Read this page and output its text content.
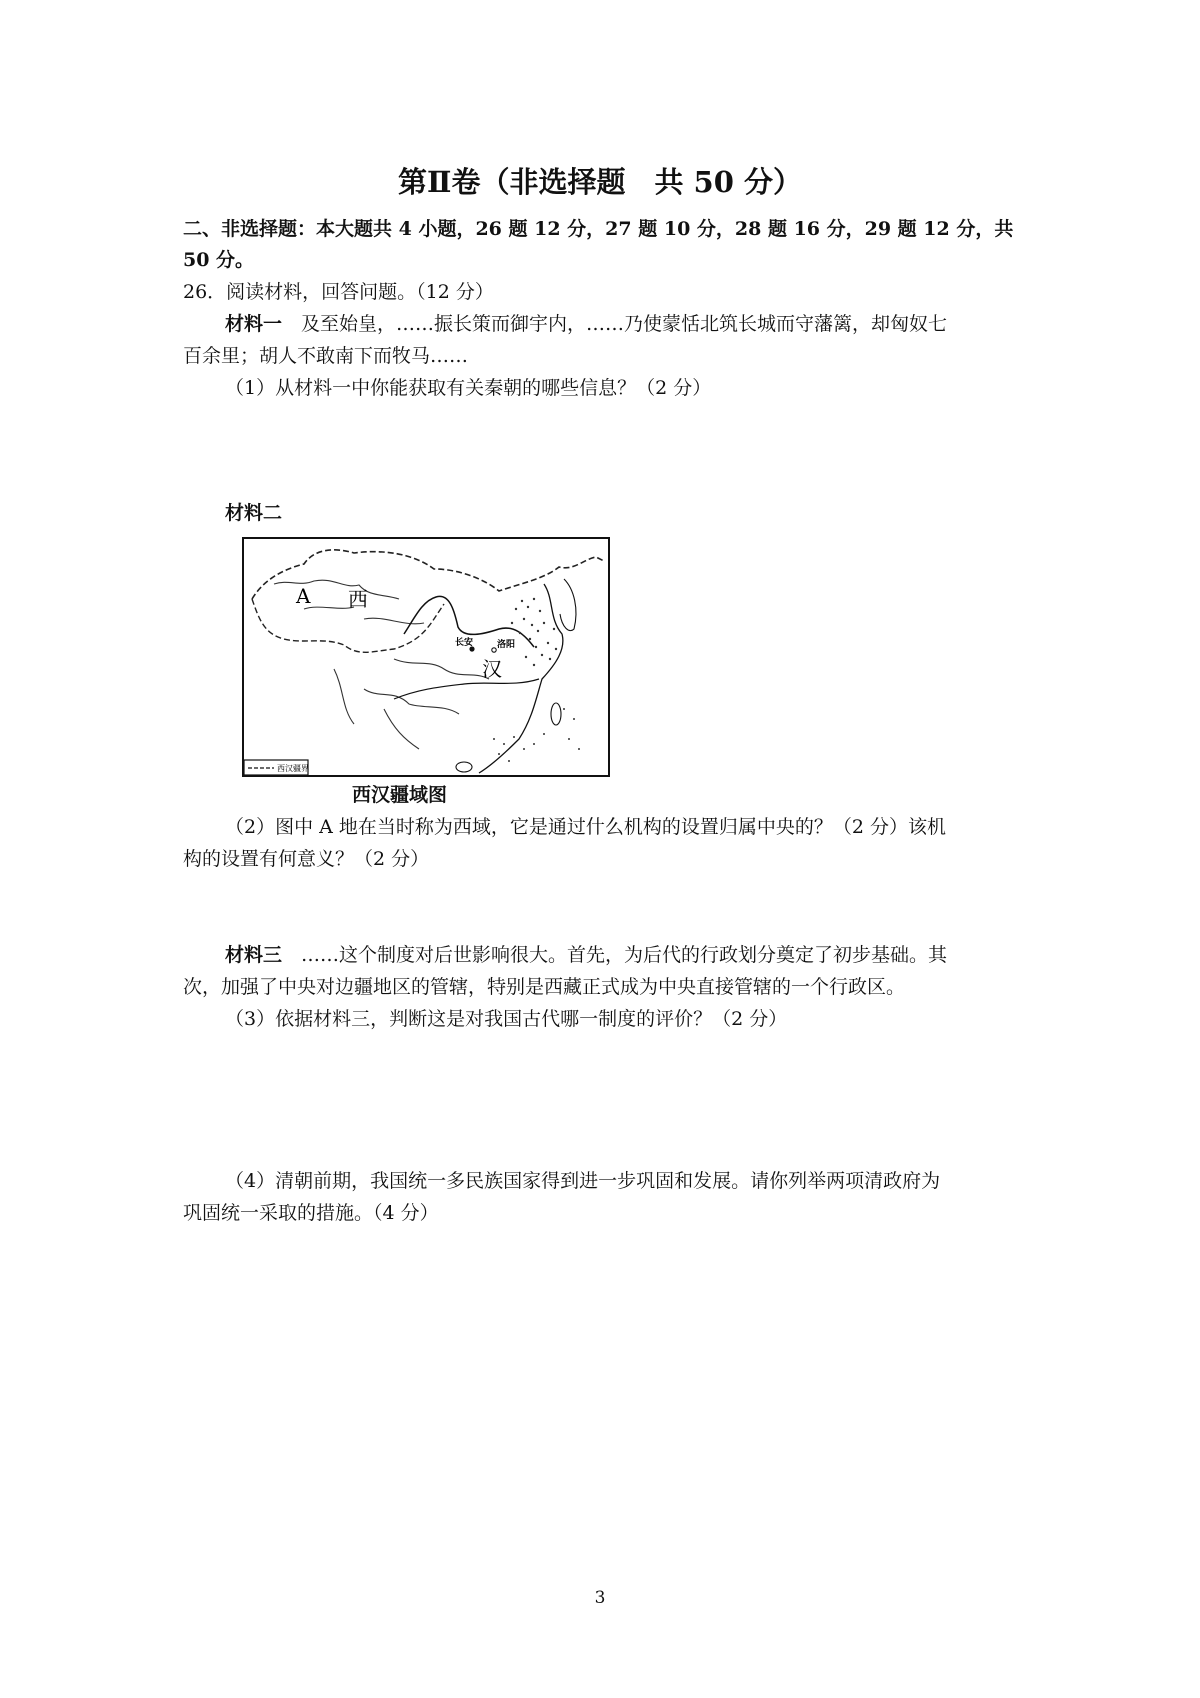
第Ⅱ卷（非选择题　共 50 分）
二、非选择题：本大题共 4 小题，26 题 12 分，27 题 10 分，28 题 16 分，29 题 12 分，共
50 分。
26．阅读材料，回答问题。（12 分）
材料一　及至始皇，……振长策而御宇内，……乃使蒙恬北筑长城而守藩篱，却匈奴七
百余里；胡人不敢南下而牧马……
（1）从材料一中你能获取有关秦朝的哪些信息？（2 分）
材料二
长安	洛阳
A 西
汉
西汉疆界
西汉疆域图
（2）图中 A 地在当时称为西域，它是通过什么机构的设置归属中央的？（2 分）该机
构的设置有何意义？（2 分）
材料三　……这个制度对后世影响很大。首先，为后代的行政划分奠定了初步基础。其
次，加强了中央对边疆地区的管辖，特别是西藏正式成为中央直接管辖的一个行政区。
（3）依据材料三，判断这是对我国古代哪一制度的评价？（2 分）
（4）清朝前期，我国统一多民族国家得到进一步巩固和发展。请你列举两项清政府为
巩固统一采取的措施。（4 分）
3
